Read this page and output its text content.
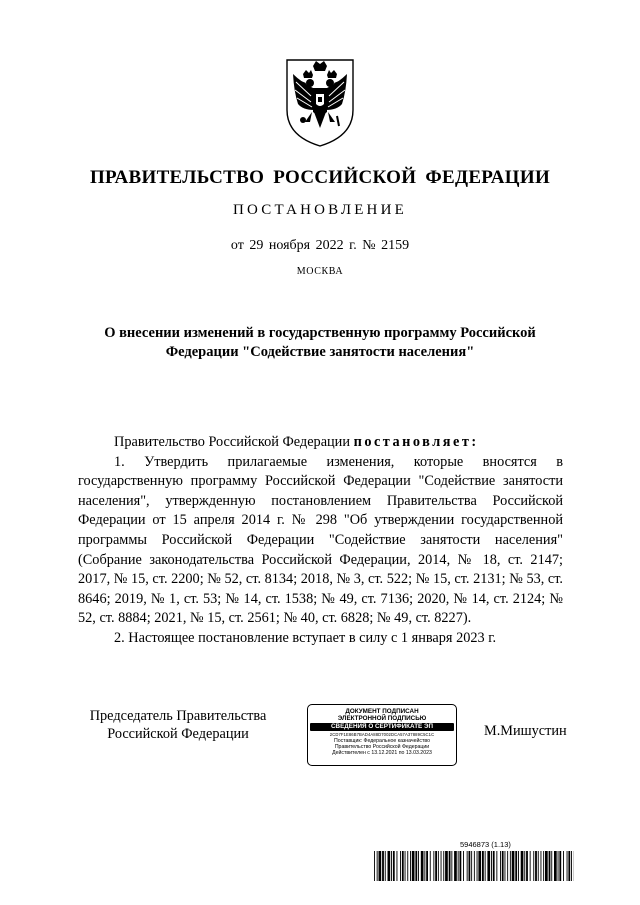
ПРАВИТЕЛЬСТВО РОССИЙСКОЙ ФЕДЕРАЦИИ
ПОСТАНОВЛЕНИЕ
от 29 ноября 2022 г. № 2159
МОСКВА
О внесении изменений в государственную программу Российской
Федерации "Содействие занятости населения"

Правительство Российской Федерации постановляет:

1. Утвердить прилагаемые изменения, которые вносятся в государственную программу Российской Федерации "Содействие занятости населения", утвержденную постановлением Правительства Российской Федерации от 15 апреля 2014 г. № 298 "Об утверждении государственной программы Российской Федерации "Содействие занятости населения" (Собрание законодательства Российской Федерации, 2014, № 18, ст. 2147; 2017, № 15, ст. 2200; № 52, ст. 8134; 2018, № 3, ст. 522; № 15, ст. 2131; № 53, ст. 8646; 2019, № 1, ст. 53; № 14, ст. 1538; № 49, ст. 7136; 2020, № 14, ст. 2124; № 52, ст. 8884; 2021, № 15, ст. 2561; № 40, ст. 6828; № 49, ст. 8227).

2. Настоящее постановление вступает в силу с 1 января 2023 г.

Председатель Правительства
Российской Федерации
ДОКУМЕНТ ПОДПИСАН
ЭЛЕКТРОННОЙ ПОДПИСЬЮ
СВЕДЕНИЯ О СЕРТИФИКАТЕ ЭП
2CD7F1E86B7BAD4A88D7002DCA57A37889C5C1C
Поставщик: Федеральное казначейство
Правительство Российской Федерации
Действителен с 13.12.2021 по 13.03.2023
М.Мишустин
5946873 (1.13)
